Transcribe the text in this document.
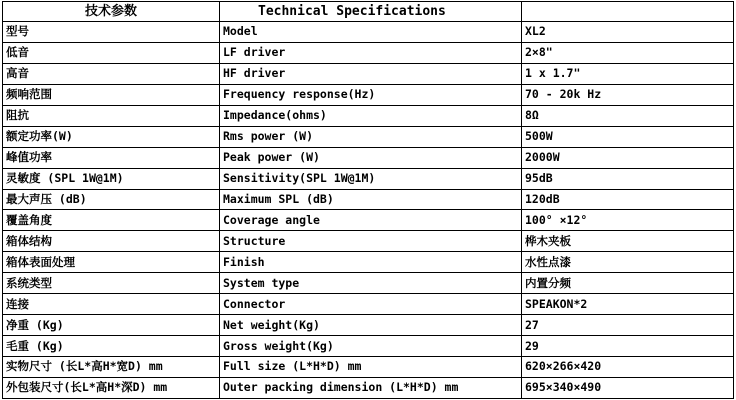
技术参数	Technical Specifications	
型号	Model	XL2
低音	LF driver	2×8"
高音	HF driver	1 x 1.7"
频响范围	Frequency response(Hz)	70 - 20k Hz
阻抗	Impedance(ohms)	8Ω
额定功率(W)	Rms power (W)	500W
峰值功率	Peak power (W)	2000W
灵敏度 (SPL 1W@1M)	Sensitivity(SPL 1W@1M)	95dB
最大声压 (dB)	Maximum SPL (dB)	120dB
覆盖角度	Coverage angle	100° ×12°
箱体结构	Structure	桦木夹板
箱体表面处理	Finish	水性点漆
系统类型	System type	内置分频
连接	Connector	SPEAKON*2
净重 (Kg)	Net weight(Kg)	27
毛重 (Kg)	Gross weight(Kg)	29
实物尺寸 (长L*高H*宽D) mm	Full size (L*H*D) mm	620×266×420
外包装尺寸(长L*高H*深D) mm	Outer packing dimension (L*H*D) mm	695×340×490
